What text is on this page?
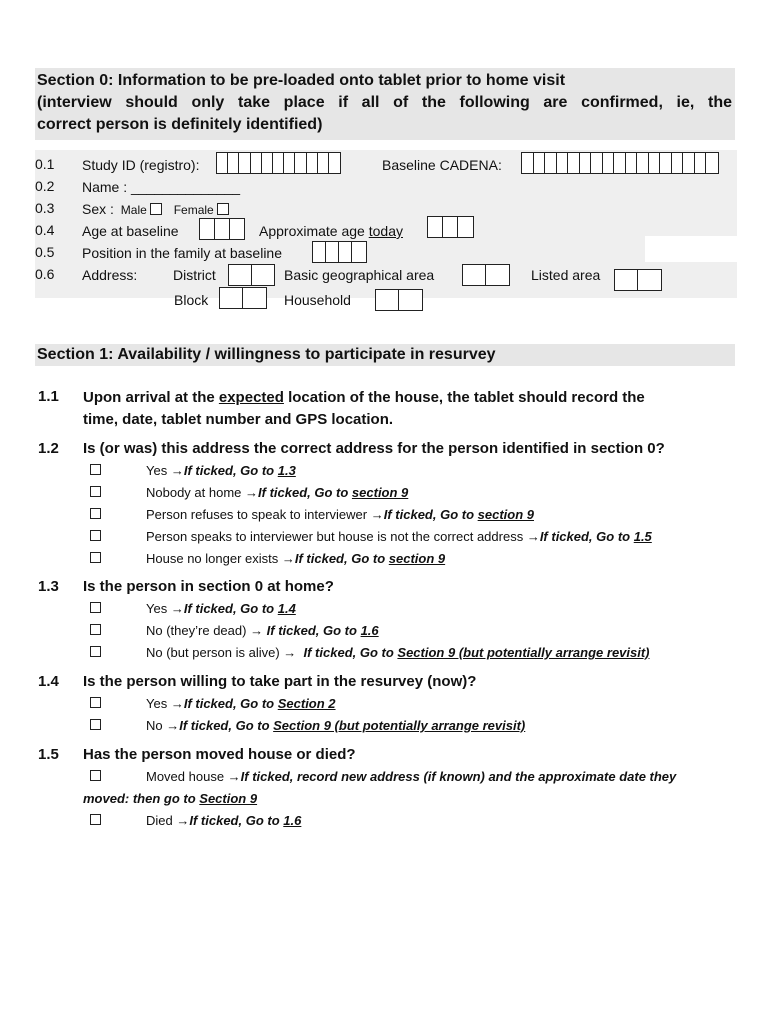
Section 0: Information to be pre-loaded onto tablet prior to home visit
(interview should only take place if all of the following are confirmed, ie, the
correct person is definitely identified)
0.1 Study ID (registro):	Baseline CADENA:
0.2 Name : ______________
0.3 Sex : Male Female
0.4 Age at baseline	Approximate age today
0.5 Position in the family at baseline
0.6 Address:	District	Basic geographical area	Listed area
Block	Household
Section 1: Availability / willingness to participate in resurvey
1.1 Upon arrival at the expected location of the house, the tablet should record the
time, date, tablet number and GPS location.
1.2 Is (or was) this address the correct address for the person identified in section 0?
Yes →If ticked, Go to 1.3
Nobody at home →If ticked, Go to section 9
Person refuses to speak to interviewer →If ticked, Go to section 9
Person speaks to interviewer but house is not the correct address →If ticked, Go to 1.5
House no longer exists →If ticked, Go to section 9
1.3 Is the person in section 0 at home?
Yes →If ticked, Go to 1.4
No (they’re dead) → If ticked, Go to 1.6
No (but person is alive) →  If ticked, Go to Section 9 (but potentially arrange revisit)
1.4 Is the person willing to take part in the resurvey (now)?
Yes →If ticked, Go to Section 2
No →If ticked, Go to Section 9 (but potentially arrange revisit)
1.5 Has the person moved house or died?
Moved house →If ticked, record new address (if known) and the approximate date they
moved: then go to Section 9
Died →If ticked, Go to 1.6
